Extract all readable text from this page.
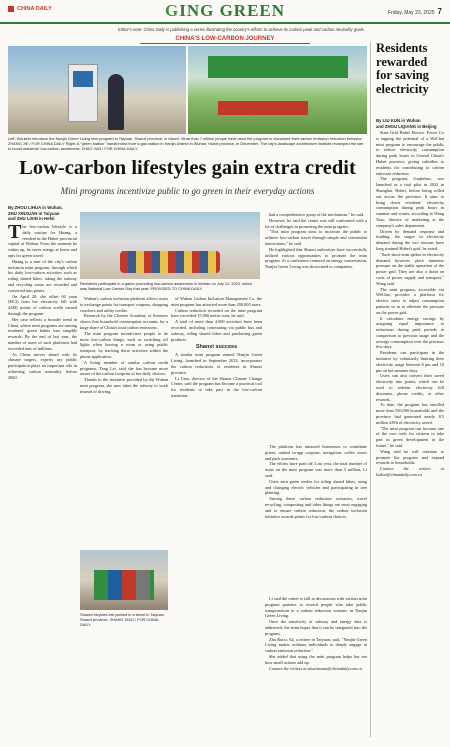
CHINA DAILY	GING GREEN	Friday, May 23, 2025 7
Editor's note: China Daily is publishing a series illustrating the country's efforts to achieve its carbon peak and carbon neutrality goals.
CHINA'S LOW-CARBON JOURNEY
Left: Workers introduce the Nanjin Green Living mini program in Taiyuan, Shanxi province, in March. More than 7 million people have used the program to document their carbon emission reduction behavior. ZHANG JIE / FOR CHINA DAILY Right: A "green station" transformed from a gas station in Hanjin District in Wuhan, Hubei province, in December. The city's landscape architecture institute revamped the site to boost residents' low-carbon awareness. ZHAO JUN / FOR CHINA DAILY
Low-carbon lifestyles gain extra credit
Mini programs incentivize public to go green in their everyday actions
By ZHOU LIHUA in Wuhan,
ZHU XINXUAN in Taiyuan
and ZHU LIXIN in Hefei

The low-carbon lifestyle is a daily routine for Huang, a resident in the Hubei provincial capital of Wuhan. From the moment he wakes up, he saves energy at home and opts for green travel.

Huang is a user of the city's carbon inclusion mini program, through which his daily low-carbon activities such as riding shared bikes, taking the subway and recycling waste are recorded and converted into points.

On April 28, she offset 60 yuan ($8.3) from her electricity bill with 4,000 points of carbon credit earned through the program.

Her case reflects a broader trend in China, where mini programs are turning residents' green habits into tangible rewards. By the end of last year, the number of users of such platforms had exceeded tens of millions.

As China moves ahead with its climate targets, experts say public participation plays an important role in achieving carbon neutrality before 2060.

Residents participate in a game promoting low-carbon awareness in Wuhan on July 12, 2023, which was National Low Carbon Day that year. PROVIDED TO CHINA DAILY

Wuhan's carbon inclusion platform allows users to exchange points for transport coupons, shopping vouchers and utility credits.

Research by the Chinese Academy of Sciences shows that household consumption accounts for a large share of China's total carbon emissions.

The mini program incentivizes people to do more low-carbon things, such as switching off lights when leaving a room or using public transport, by tracking these activities within the phone application.

A living member of similar carbon credit programs, Tang Lei, said she has become more aware of the carbon footprint of her daily choices.

Thanks to the incentive provided by the Wuhan mini program, she now takes the subway to work instead of driving.

Shared bicycles are parked in a street in Taiyuan, Shanxi province. ZHANG XIAO / FOR CHINA DAILY

of Wuhan Carbon Inclusion Management Co, the mini program has attracted more than 200,000 users.

Carbon reduction recorded on the mini program have exceeded 15,000 metric tons, he said.

A total of more than 4,000 activities have been recorded, including commuting via public bus and subway, riding shared bikes and purchasing green products.

Shanxi success

A similar mini program named Nanjin Green Living, launched in September 2022, incorporates the carbon reductions of residents in Shanxi province.

Li Lina, director of the Shanxi Climate Change Center, said the program has become a practical tool for residents to take part in the low-carbon transition.

had a comprehensive grasp of the mechanism," he said.

However, he said the center was still confronted with a lot of challenges in promoting the mini program.

"This mini program aims to motivate the public to achieve low-carbon travel through simple and convenient interactions," he said.

He highlighted that Shanxi authorities have successfully utilized various opportunities to promote the mini program. At a conference centered on energy conservation, Nanjin Green Living was showcased to companies.

The platform has attracted businesses to contribute prizes, ranked in-app coupons, navigation, coffee stores and park souvenirs.

The efforts have paid off. Last year, the total number of users on the mini program was more than 3 million, Li said.

Users earn green credits for riding shared bikes, using and changing electric vehicles and participating in tree planting.

Among these carbon reduction scenarios, travel recycling, composting and other things are most engaging and to ensure carbon reduction, the carbon inclusion initiative awards points for low-carbon choices.

Li said the center is still in discussions with various mini program partners to reward people who take public transportation to a carbon reduction scenario in Nanjin Green Living.

Once the sensitivity of subway and energy data is addressed, the team hopes that it can be integrated into the program.

Zhu Ruixi, 62, a retiree in Taiyuan, said, "Nanjin Green Living makes ordinary individuals to deeply engage in carbon emission reduction."

She added that using the mini program helps her see how small actions add up.

Contact the writers at zhuxinxuan@chinadaily.com.cn

Residents rewarded for saving electricity
By LIU KUN in Wuhan
and ZHOU LIQIANG in Beijing

State Grid Hubei Electric Power Co is tapping the potential of a WeChat mini program to encourage the public to reduce electricity consumption during peak hours in Central China's Hubei province, giving subsidies to residents for contributing to carbon emission reduction.

The program, Guijinbao, was launched as a trial pilot in 2022 in Shanghai, Hubei, before being rolled out across the province. It aims to bring down residents' electricity consumption during peak hours in summer and winter, according to Wang Xiao, director of marketing at the company's sales department.

Driven by demand response and funding, the surges in electricity demand during the two seasons have long strained Hubei's grid, he noted.

"Such short-term spikes in electricity demand, however, place immense pressure on the stable operation of the power grid. They are also a drain on costs of power supply and transport," Wang said.

The mini program, accessible via WeChat, provides a platform for electric users to adjust consumption patterns so as to alleviate the pressure on the power grid.

It calculates energy savings by assigning equal importance to reductions during peak periods in comparison to previous usage and the average consumption over the previous few days.

Residents can participate in the initiative by voluntarily limiting their electricity usage between 8 pm and 10 pm on hot summer days.

Users can also convert their saved electricity into points, which can be used to redeem electricity bill discounts, phone credits, or other rewards.

To date, the program has enrolled more than 550,000 households and the province had generated nearly 8.5 million kWh of electricity saved.

"The mini program can become one of the core tools for citizens to take part in green development in the future," he said.

Wang said he will continue to promote the program and expand rewards to households.

Contact the writers at liukun@chinadaily.com.cn
